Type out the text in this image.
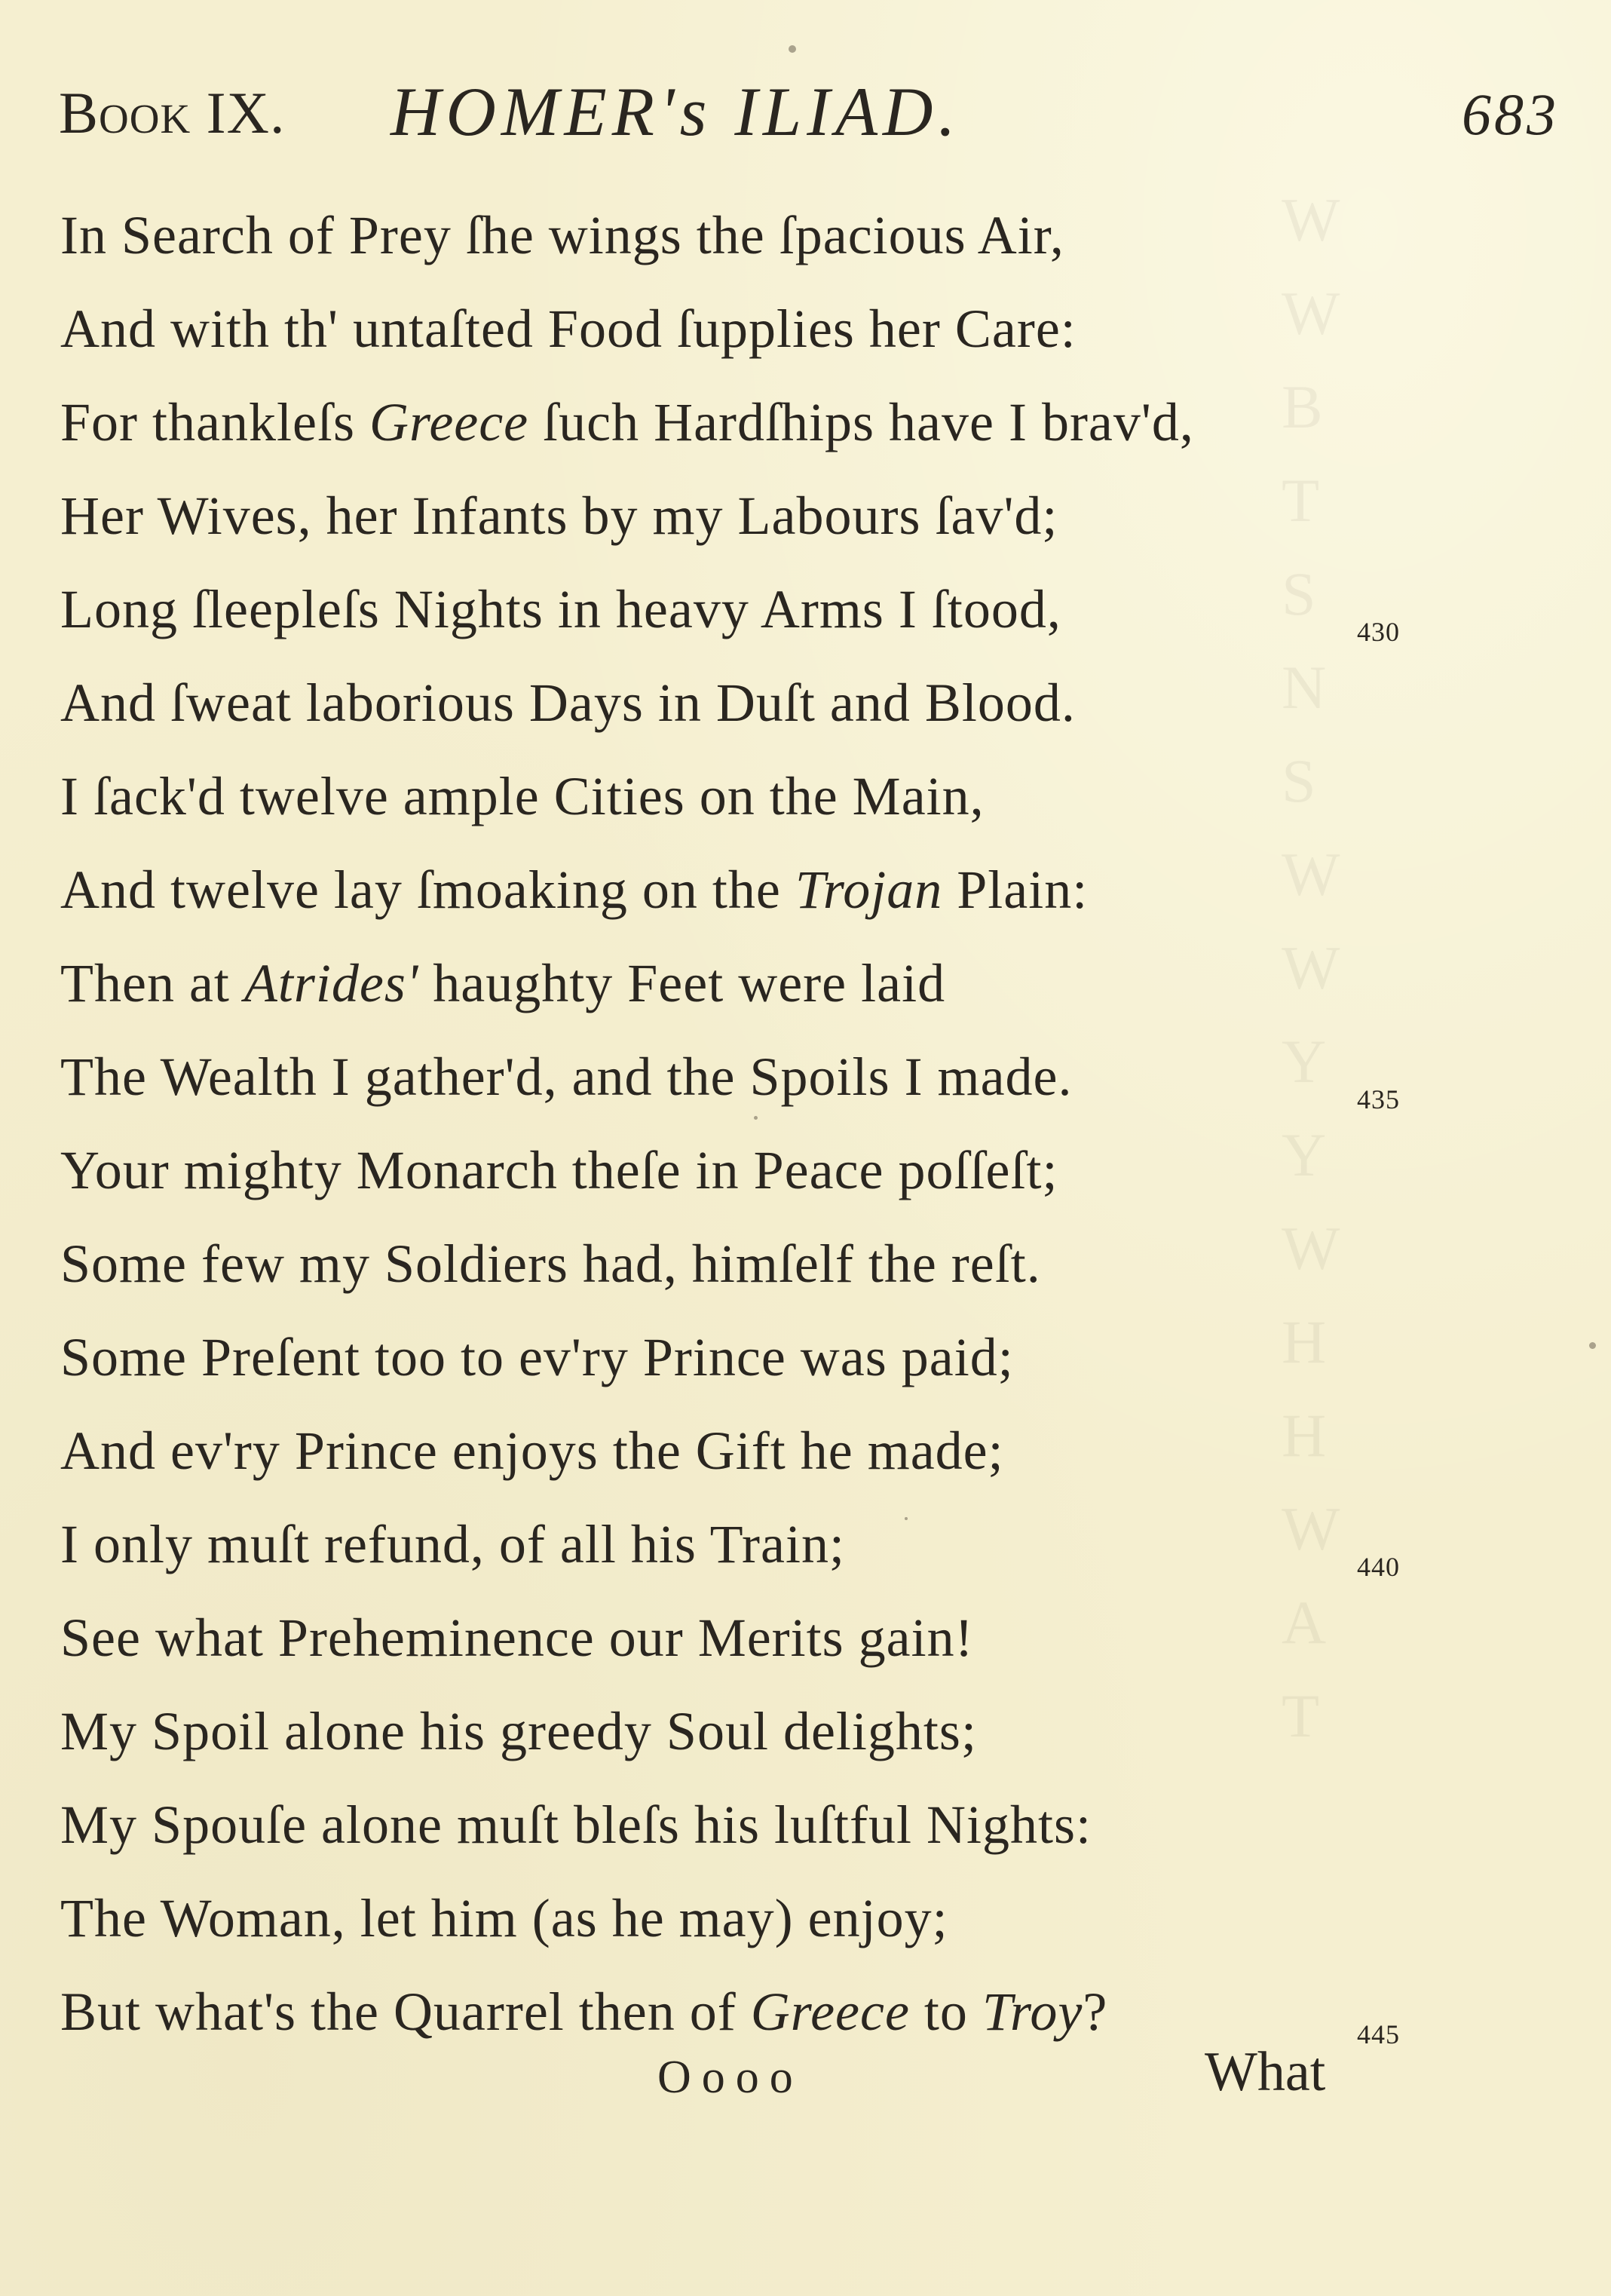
W
W
B
T
S
N
S
W
W
Y
Y
W
H
H
W
A
T
Book IX. HOMER's ILIAD.	683
In Search of Prey ſhe wings the ſpacious Air,
And with th' untaſted Food ſupplies her Care:
For thankleſs Greece ſuch Hardſhips have I brav'd,
Her Wives, her Infants by my Labours ſav'd;
Long ſleepleſs Nights in heavy Arms I ſtood,	430
And ſweat laborious Days in Duſt and Blood.
I ſack'd twelve ample Cities on the Main,
And twelve lay ſmoaking on the Trojan Plain:
Then at Atrides' haughty Feet were laid
The Wealth I gather'd, and the Spoils I made.	435
Your mighty Monarch theſe in Peace poſſeſt;
Some few my Soldiers had, himſelf the reſt.
Some Preſent too to ev'ry Prince was paid;
And ev'ry Prince enjoys the Gift he made;
I only muſt refund, of all his Train;	440
See what Preheminence our Merits gain!
My Spoil alone his greedy Soul delights;
My Spouſe alone muſt bleſs his luſtful Nights:
The Woman, let him (as he may) enjoy;
But what's the Quarrel then of Greece to Troy?	445
Oooo	What
